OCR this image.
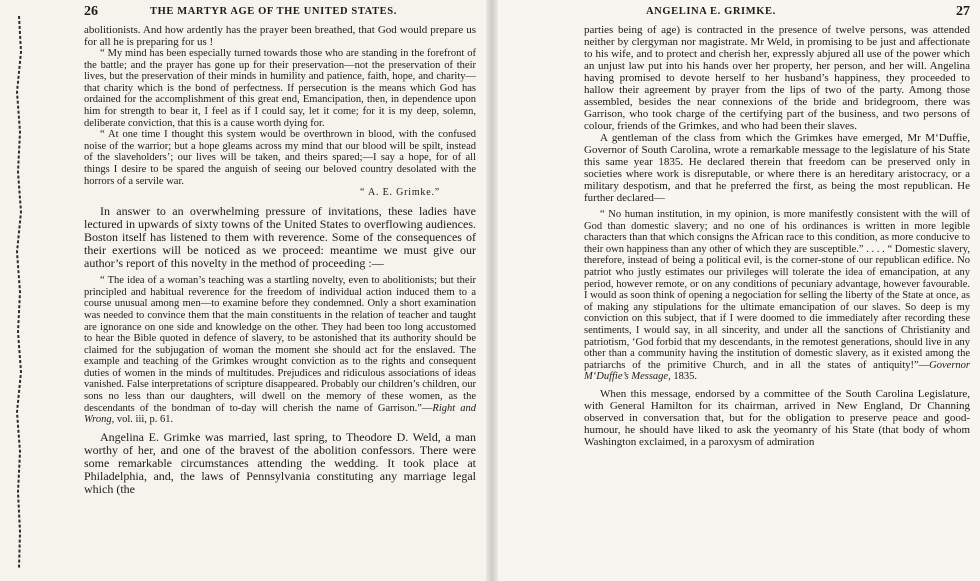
26	THE MARTYR AGE OF THE UNITED STATES.

abolitionists. And how ardently has the prayer been breathed, that God would prepare us for all he is preparing for us !

“ My mind has been especially turned towards those who are standing in the forefront of the battle; and the prayer has gone up for their preservation—not the preservation of their lives, but the preservation of their minds in humility and patience, faith, hope, and charity—that charity which is the bond of perfectness. If persecution is the means which God has ordained for the accomplishment of this great end, Emancipation, then, in dependence upon him for strength to bear it, I feel as if I could say, let it come; for it is my deep, solemn, deliberate conviction, that this is a cause worth dying for.

“ At one time I thought this system would be overthrown in blood, with the confused noise of the warrior; but a hope gleams across my mind that our blood will be spilt, instead of the slaveholders’; our lives will be taken, and theirs spared;—I say a hope, for of all things I desire to be spared the anguish of seeing our beloved country desolated with the horrors of a servile war.

“ A. E. Grimke.”

In answer to an overwhelming pressure of invitations, these ladies have lectured in upwards of sixty towns of the United States to overflowing audiences. Boston itself has listened to them with reverence. Some of the consequences of their exertions will be noticed as we proceed: meantime we must give our author’s report of this novelty in the method of proceeding :—

“ The idea of a woman’s teaching was a startling novelty, even to abolitionists; but their principled and habitual reverence for the freedom of individual action induced them to a course unusual among men—to examine before they condemned. Only a short examination was needed to convince them that the main constituents in the relation of teacher and taught are ignorance on one side and knowledge on the other. They had been too long accustomed to hear the Bible quoted in defence of slavery, to be astonished that its authority should be claimed for the subjugation of woman the moment she should act for the enslaved. The example and teaching of the Grimkes wrought conviction as to the rights and consequent duties of women in the minds of multitudes. Prejudices and ridiculous associations of ideas vanished. False interpretations of scripture disappeared. Probably our children’s children, our sons no less than our daughters, will dwell on the memory of these women, as the descendants of the bondman of to-day will cherish the name of Garrison.”—Right and Wrong, vol. iii, p. 61.

Angelina E. Grimke was married, last spring, to Theodore D. Weld, a man worthy of her, and one of the bravest of the abolition confessors. There were some remarkable circumstances attending the wedding. It took place at Philadelphia, and, the laws of Pennsylvania constituting any marriage legal which (the

ANGELINA E. GRIMKE.	27

parties being of age) is contracted in the presence of twelve persons, was attended neither by clergyman nor magistrate. Mr Weld, in promising to be just and affectionate to his wife, and to protect and cherish her, expressly abjured all use of the power which an unjust law put into his hands over her property, her person, and her will. Angelina having promised to devote herself to her husband’s happiness, they proceeded to hallow their agreement by prayer from the lips of two of the party. Among those assembled, besides the near connexions of the bride and bridegroom, there was Garrison, who took charge of the certifying part of the business, and two persons of colour, friends of the Grimkes, and who had been their slaves.

A gentleman of the class from which the Grimkes have emerged, Mr M‘Duffie, Governor of South Carolina, wrote a remarkable message to the legislature of his State this same year 1835. He declared therein that freedom can be preserved only in societies where work is disreputable, or where there is an hereditary aristocracy, or a military despotism, and that he preferred the first, as being the most republican. He further declared—

“ No human institution, in my opinion, is more manifestly consistent with the will of God than domestic slavery; and no one of his ordinances is written in more legible characters than that which consigns the African race to this condition, as more conducive to their own happiness than any other of which they are susceptible.” . . . . “ Domestic slavery, therefore, instead of being a political evil, is the corner-stone of our republican edifice. No patriot who justly estimates our privileges will tolerate the idea of emancipation, at any period, however remote, or on any conditions of pecuniary advantage, however favourable. I would as soon think of opening a negociation for selling the liberty of the State at once, as of making any stipulations for the ultimate emancipation of our slaves. So deep is my conviction on this subject, that if I were doomed to die immediately after recording these sentiments, I would say, in all sincerity, and under all the sanctions of Christianity and patriotism, ‘God forbid that my descendants, in the remotest generations, should live in any other than a community having the institution of domestic slavery, as it existed among the patriarchs of the primitive Church, and in all the states of antiquity!”—Governor M‘Duffie’s Message, 1835.

When this message, endorsed by a committee of the South Carolina Legislature, with General Hamilton for its chairman, arrived in New England, Dr Channing observed in conversation that, but for the obligation to preserve peace and good-humour, he should have liked to ask the yeomanry of his State (that body of whom Washington exclaimed, in a paroxysm of admiration
